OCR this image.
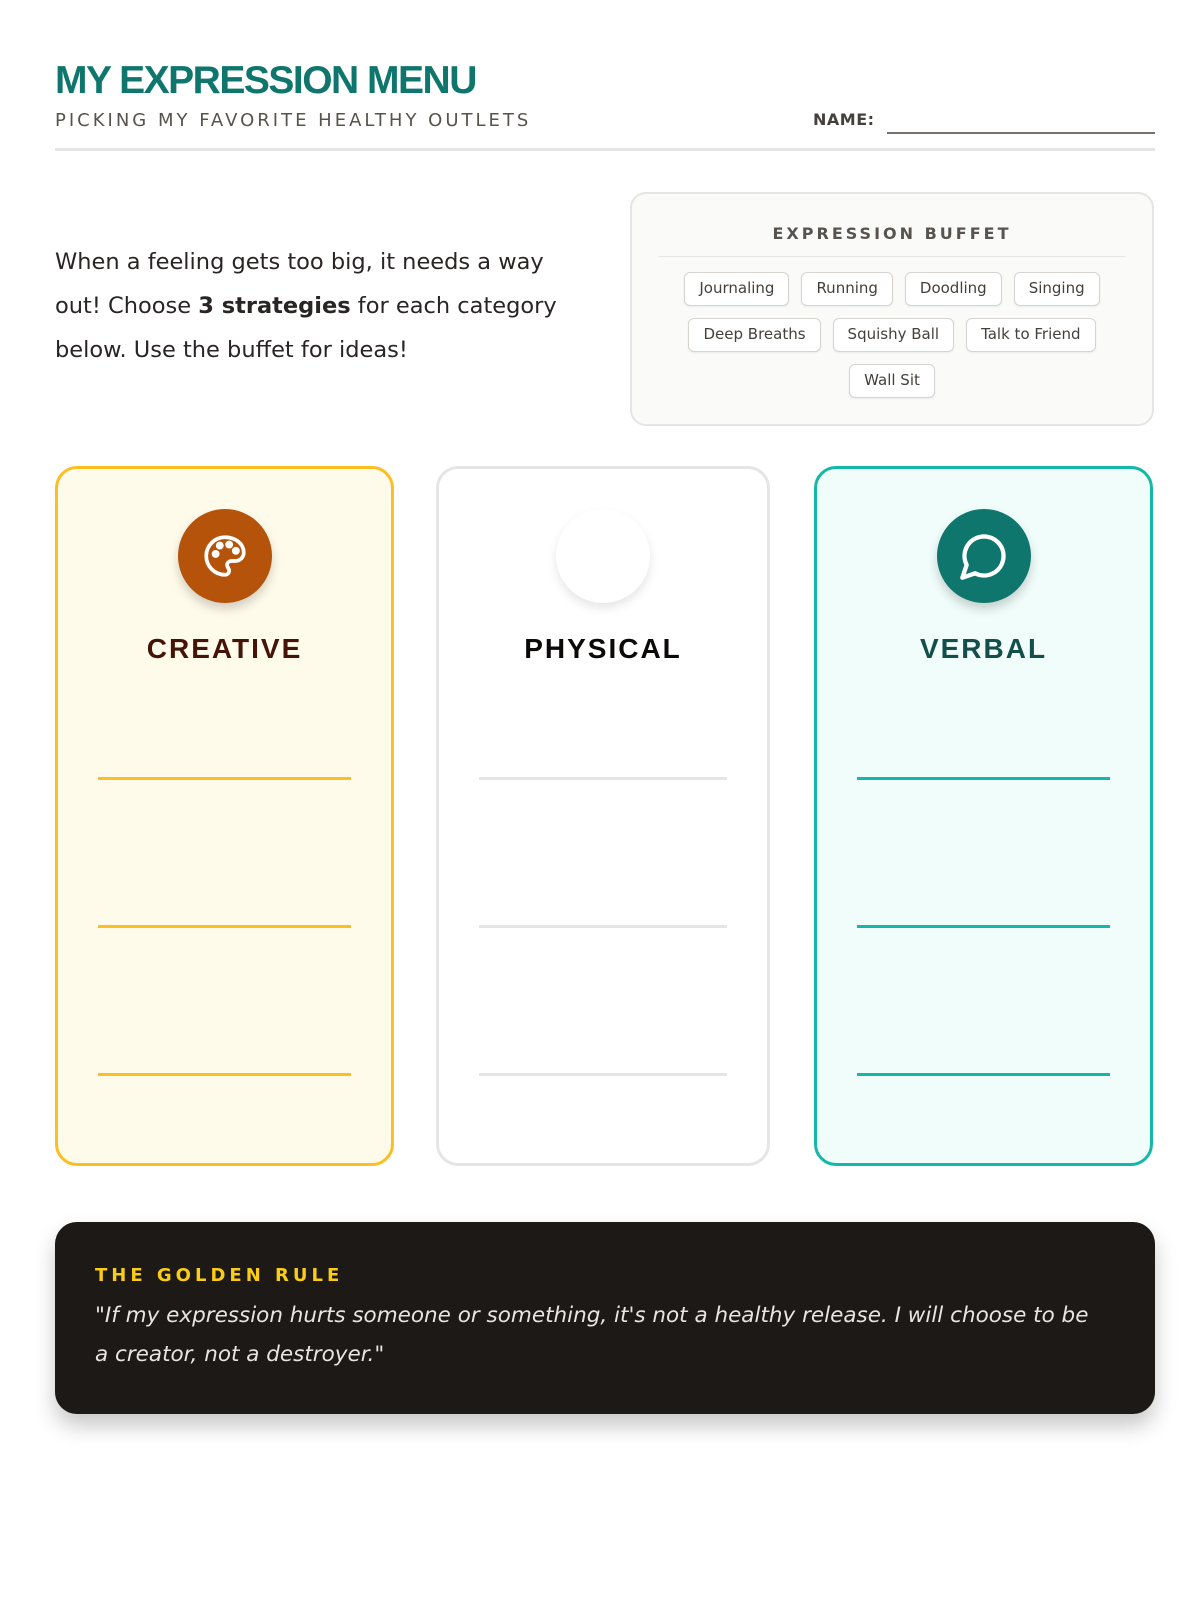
MY EXPRESSION MENU
PICKING MY FAVORITE HEALTHY OUTLETS	NAME:

When a feeling gets too big, it needs a way out! Choose 3 strategies for each category below. Use the buffet for ideas!

EXPRESSION BUFFET
Journaling	Running	Doodling	Singing
Deep Breaths	Squishy Ball	Talk to Friend
Wall Sit
CREATIVE	PHYSICAL	VERBAL
THE GOLDEN RULE
"If my expression hurts someone or something, it's not a healthy release. I will choose to be a creator, not a destroyer."
